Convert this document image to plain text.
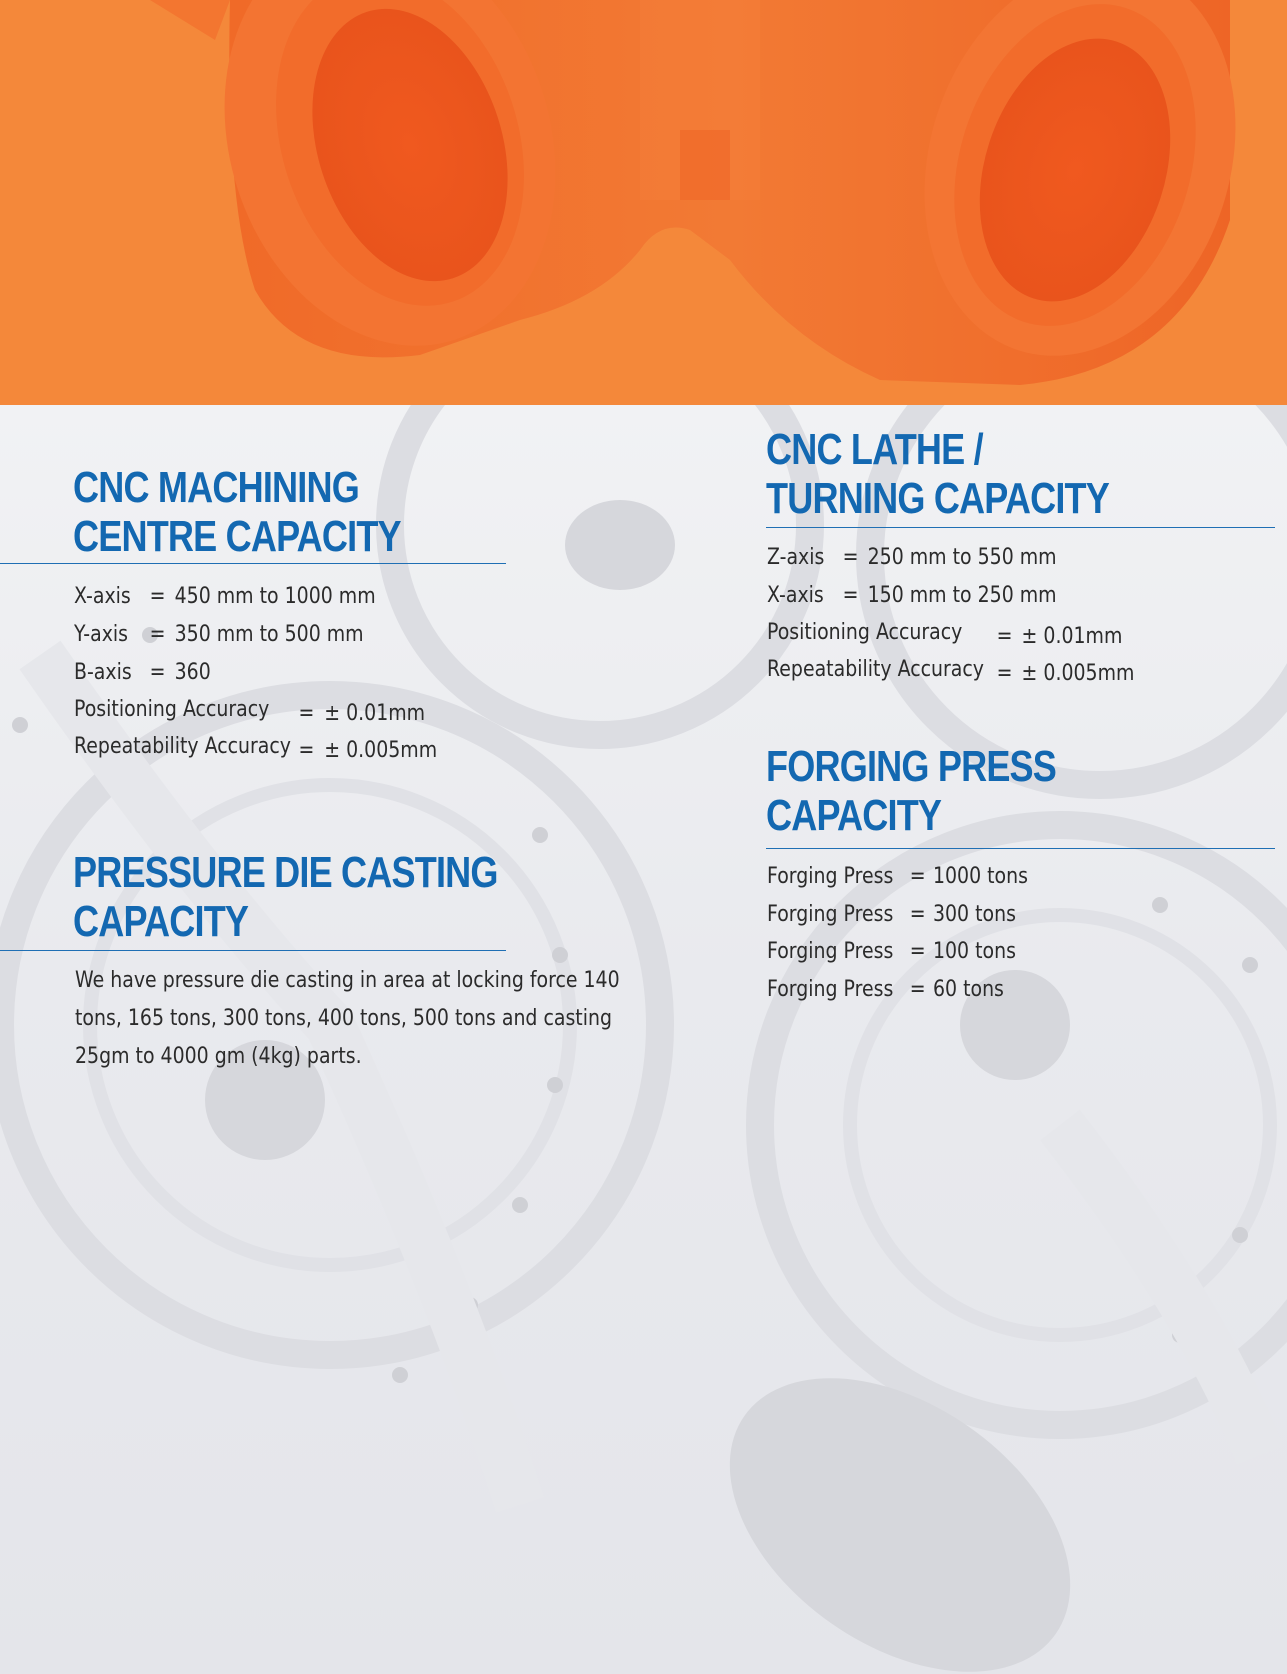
CNC MACHINING
CENTRE CAPACITY
X-axis = 450 mm to 1000 mm
Y-axis = 350 mm to 500 mm
B-axis = 360
Positioning Accuracy = ± 0.01mm
Repeatability Accuracy = ± 0.005mm
PRESSURE DIE CASTING
CAPACITY

We have pressure die casting in area at locking force 140 tons, 165 tons, 300 tons, 400 tons, 500 tons and casting 25gm to 4000 gm (4kg) parts.

CNC LATHE /
TURNING CAPACITY
Z-axis = 250 mm to 550 mm
X-axis = 150 mm to 250 mm
Positioning Accuracy = ± 0.01mm
Repeatability Accuracy = ± 0.005mm
FORGING PRESS
CAPACITY
Forging Press = 1000 tons
Forging Press = 300 tons
Forging Press = 100 tons
Forging Press = 60 tons
